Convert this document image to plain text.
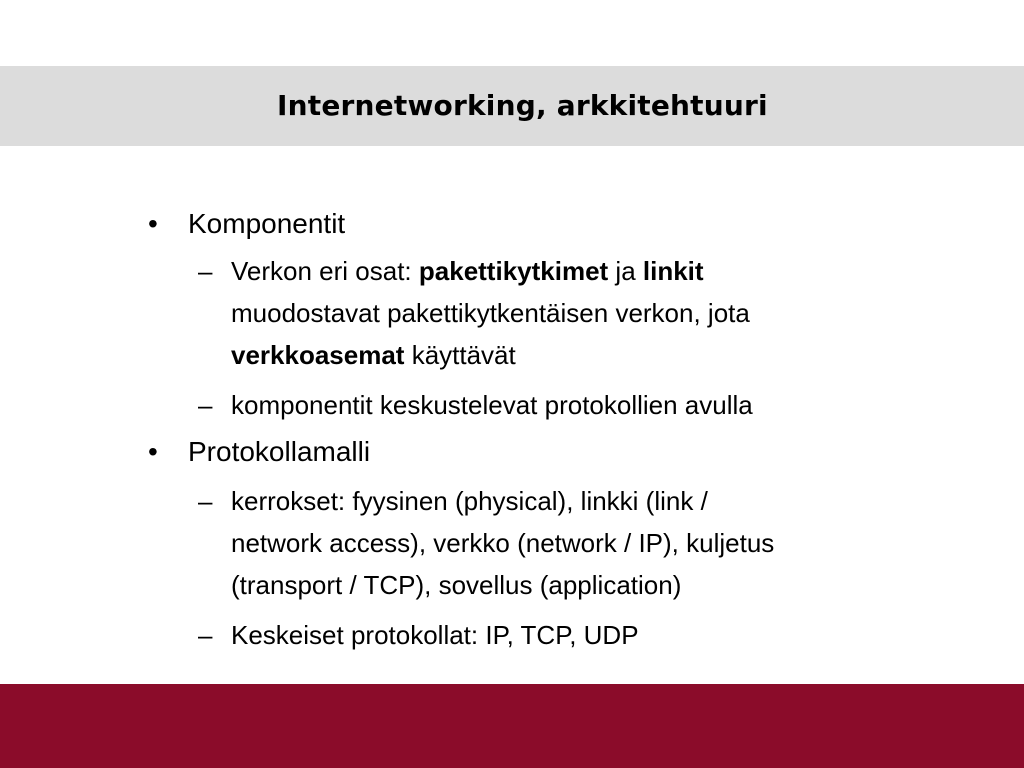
Internetworking, arkkitehtuuri
• Komponentit
– Verkon eri osat: pakettikytkimet ja linkit
muodostavat pakettikytkentäisen verkon, jota
verkkoasemat käyttävät
– komponentit keskustelevat protokollien avulla
• Protokollamalli
– kerrokset: fyysinen (physical), linkki (link /
network access), verkko (network / IP), kuljetus
(transport / TCP), sovellus (application)
– Keskeiset protokollat: IP, TCP, UDP
